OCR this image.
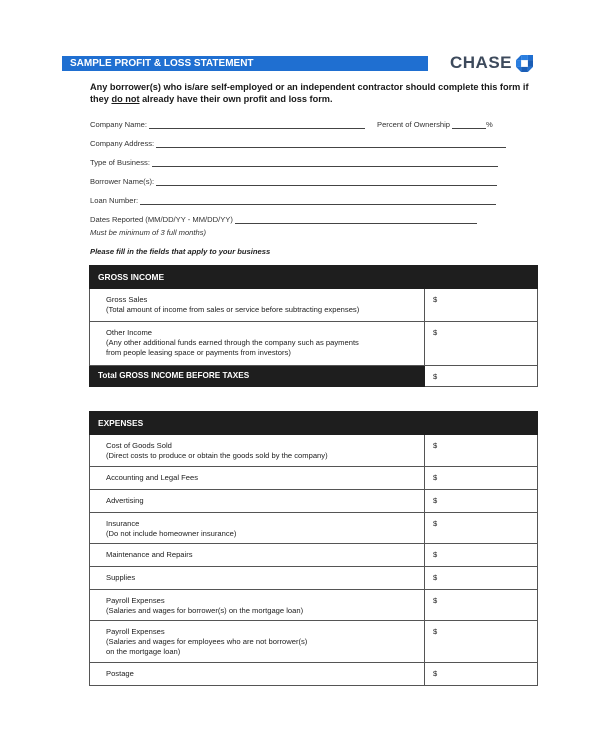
SAMPLE PROFIT & LOSS STATEMENT	CHASE
Any borrower(s) who is/are self-employed or an independent contractor should complete this form if they do not already have their own profit and loss form.
Company Name:	Percent of Ownership	%
Company Address:
Type of Business:
Borrower Name(s):
Loan Number:
Dates Reported (MM/DD/YY - MM/DD/YY)
Must be minimum of 3 full months)
Please fill in the fields that apply to your business
GROSS INCOME	

Gross Sales
(Total amount of income from sales or service before subtracting expenses)	$

Other Income
(Any other additional funds earned through the company such as payments
from people leasing space or payments from investors)	$
Total GROSS INCOME BEFORE TAXES	$
EXPENSES	

Cost of Goods Sold
(Direct costs to produce or obtain the goods sold by the company)	$

Accounting and Legal Fees	$

Advertising	$

Insurance
(Do not include homeowner insurance)	$

Maintenance and Repairs	$

Supplies	$

Payroll Expenses
(Salaries and wages for borrower(s) on the mortgage loan)	$

Payroll Expenses
(Salaries and wages for employees who are not borrower(s)
on the mortgage loan)	$

Postage	$
